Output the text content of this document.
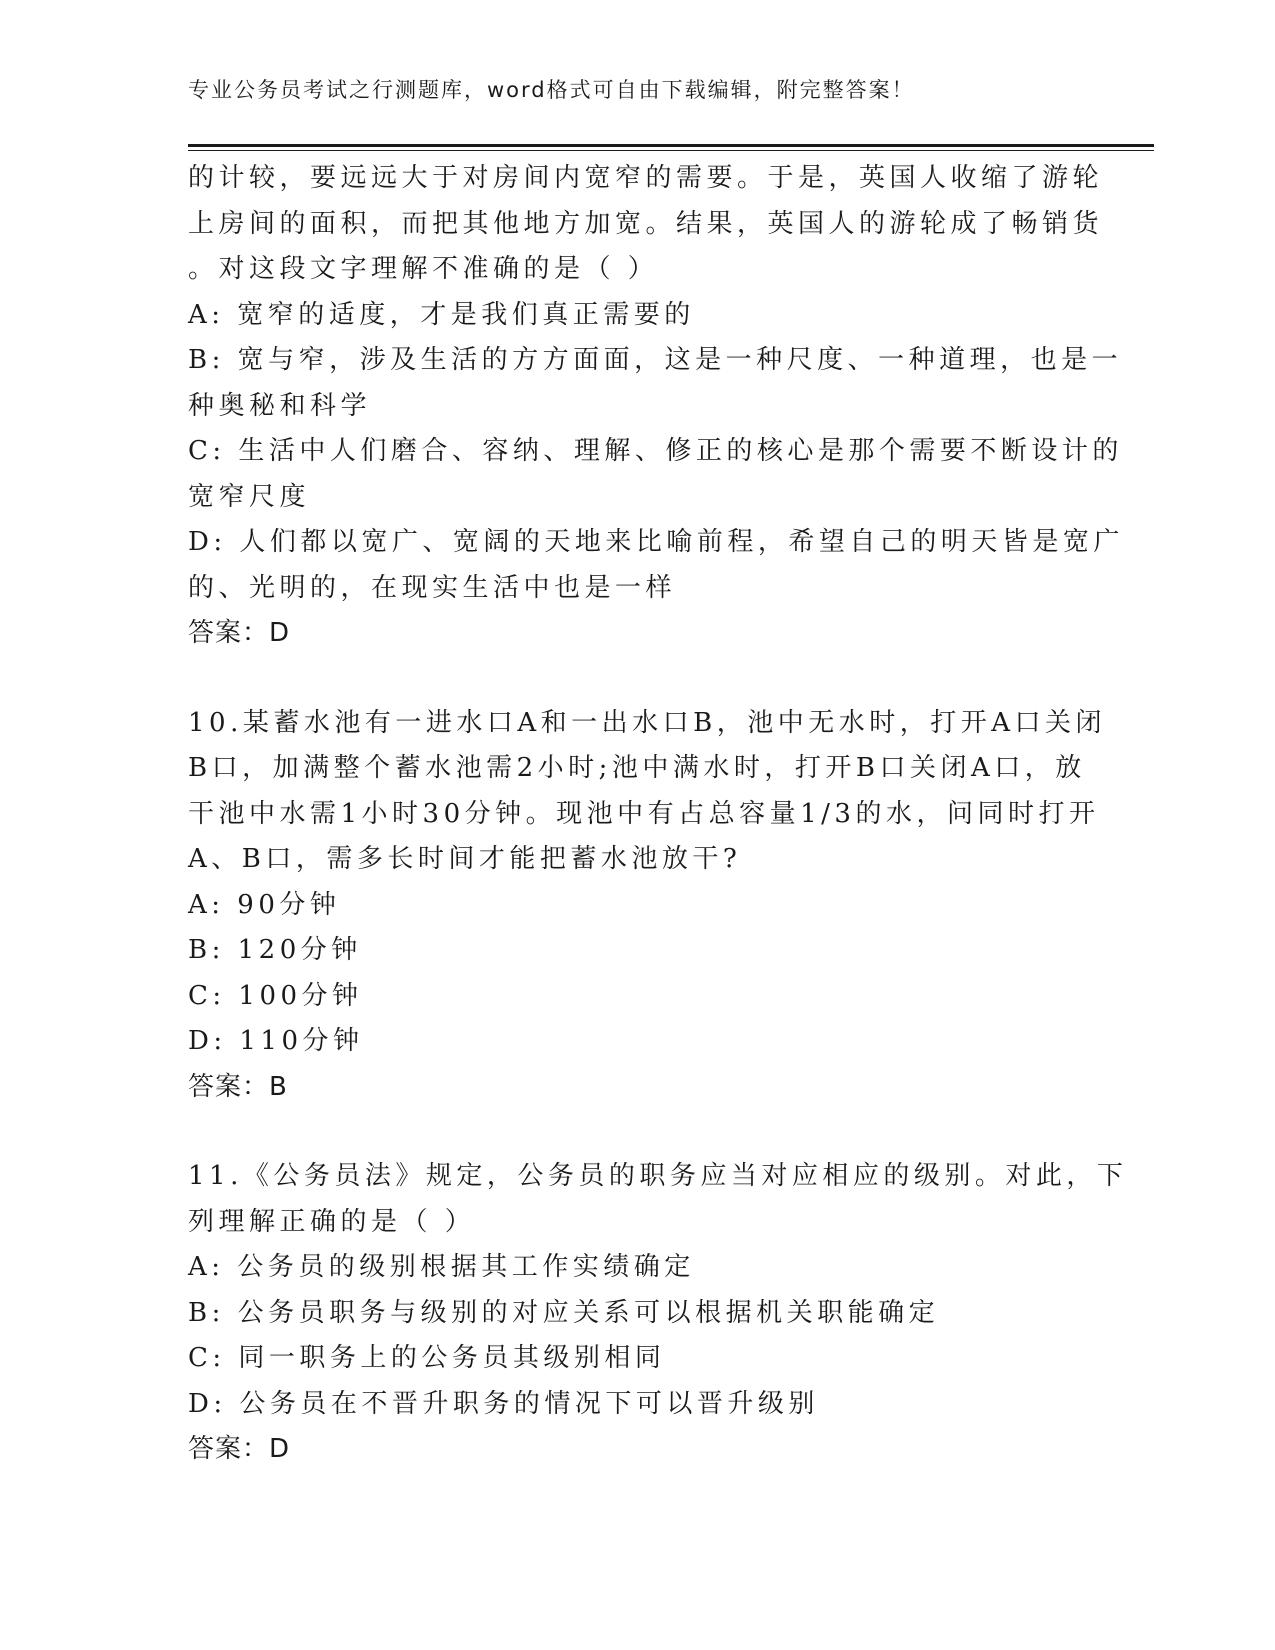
专业公务员考试之行测题库，word格式可自由下载编辑，附完整答案！
的计较，要远远大于对房间内宽窄的需要。于是，英国人收缩了游轮
上房间的面积，而把其他地方加宽。结果，英国人的游轮成了畅销货
。对这段文字理解不准确的是（ ）
A: 宽窄的适度，才是我们真正需要的
B: 宽与窄，涉及生活的方方面面，这是一种尺度、一种道理，也是一
种奥秘和科学
C: 生活中人们磨合、容纳、理解、修正的核心是那个需要不断设计的
宽窄尺度
D: 人们都以宽广、宽阔的天地来比喻前程，希望自己的明天皆是宽广
的、光明的，在现实生活中也是一样
答案：D
10.某蓄水池有一进水口A和一出水口B，池中无水时，打开A口关闭
B口，加满整个蓄水池需2小时;池中满水时，打开B口关闭A口，放
干池中水需1小时30分钟。现池中有占总容量1/3的水，问同时打开
A、B口，需多长时间才能把蓄水池放干?
A: 90分钟
B: 120分钟
C: 100分钟
D: 110分钟
答案：B
11.《公务员法》规定，公务员的职务应当对应相应的级别。对此，下
列理解正确的是（ ）
A: 公务员的级别根据其工作实绩确定
B: 公务员职务与级别的对应关系可以根据机关职能确定
C: 同一职务上的公务员其级别相同
D: 公务员在不晋升职务的情况下可以晋升级别
答案：D
